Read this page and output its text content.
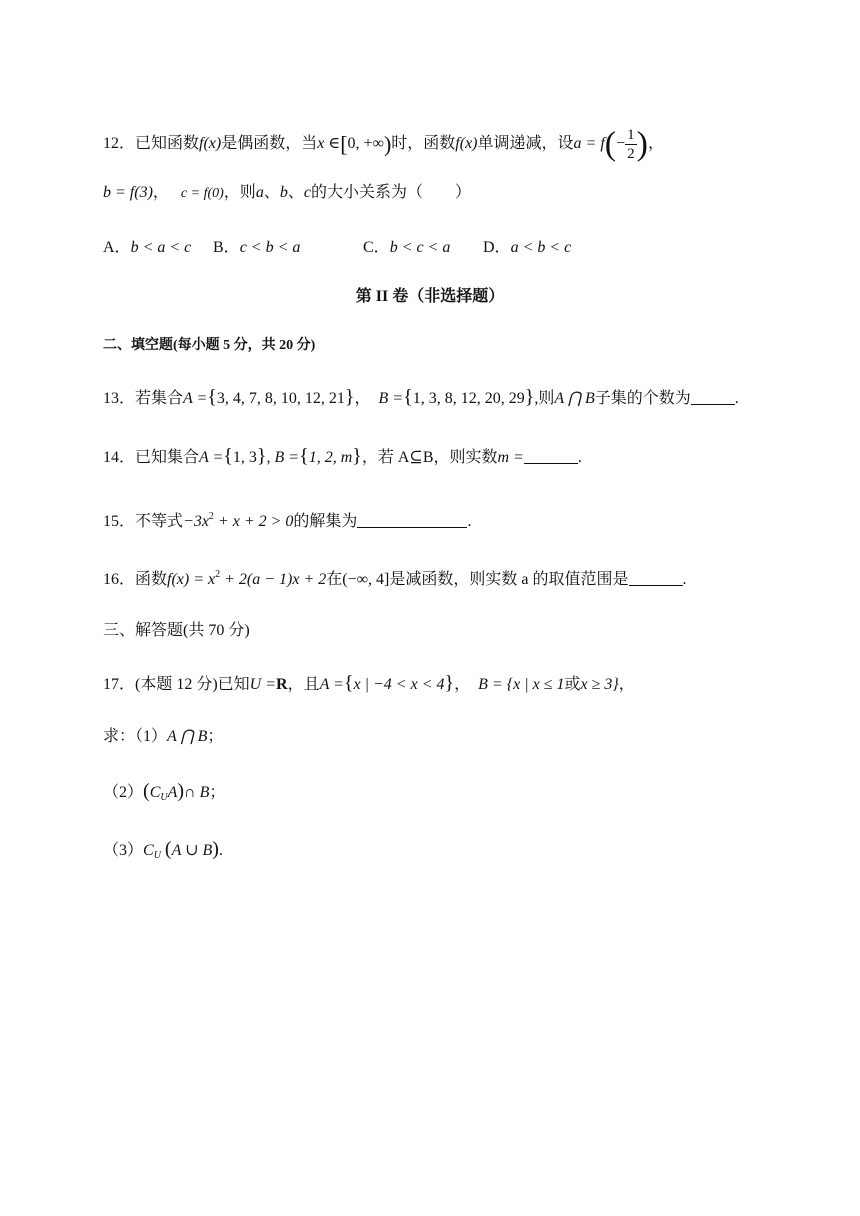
12．已知函数f(x)是偶函数，当x ∈[0, +∞)时，函数f(x)单调递减，设$a = f(- \frac{1}{2}$ )，
b = f(3)， c = f(0)，则a、b、c的大小关系为（　　）
A．b < a < c B．c < b < a	C．b < c < a D．a < b < c
第 II 卷（非选择题）
二、填空题(每小题 5 分，共 20 分)
13．若集合A ={3, 4, 7, 8, 10, 12, 21}， B ={1, 3, 8, 12, 20, 29},则A ⋂ B子集的个数为	.
14．已知集合A ={1, 3}, B ={1, 2, m}，若 A⊆B，则实数m =	.
15．不等式$-3x^2 + x + 2 > 0$的解集为	.
16．函数$f(x) = x^2 + 2(a - 1)x + 2$在(−∞, 4]是减函数，则实数 a 的取值范围是	.
三、解答题(共 70 分)
17．(本题 12 分)已知U =R，且A ={x | −4 < x < 4}， B = {x | x ≤ 1或x ≥ 3}，
求：（1）A ⋂ B；
$(2)(C_UA)\cap$ B；
$(3)C_U$ (A ∪ B).
